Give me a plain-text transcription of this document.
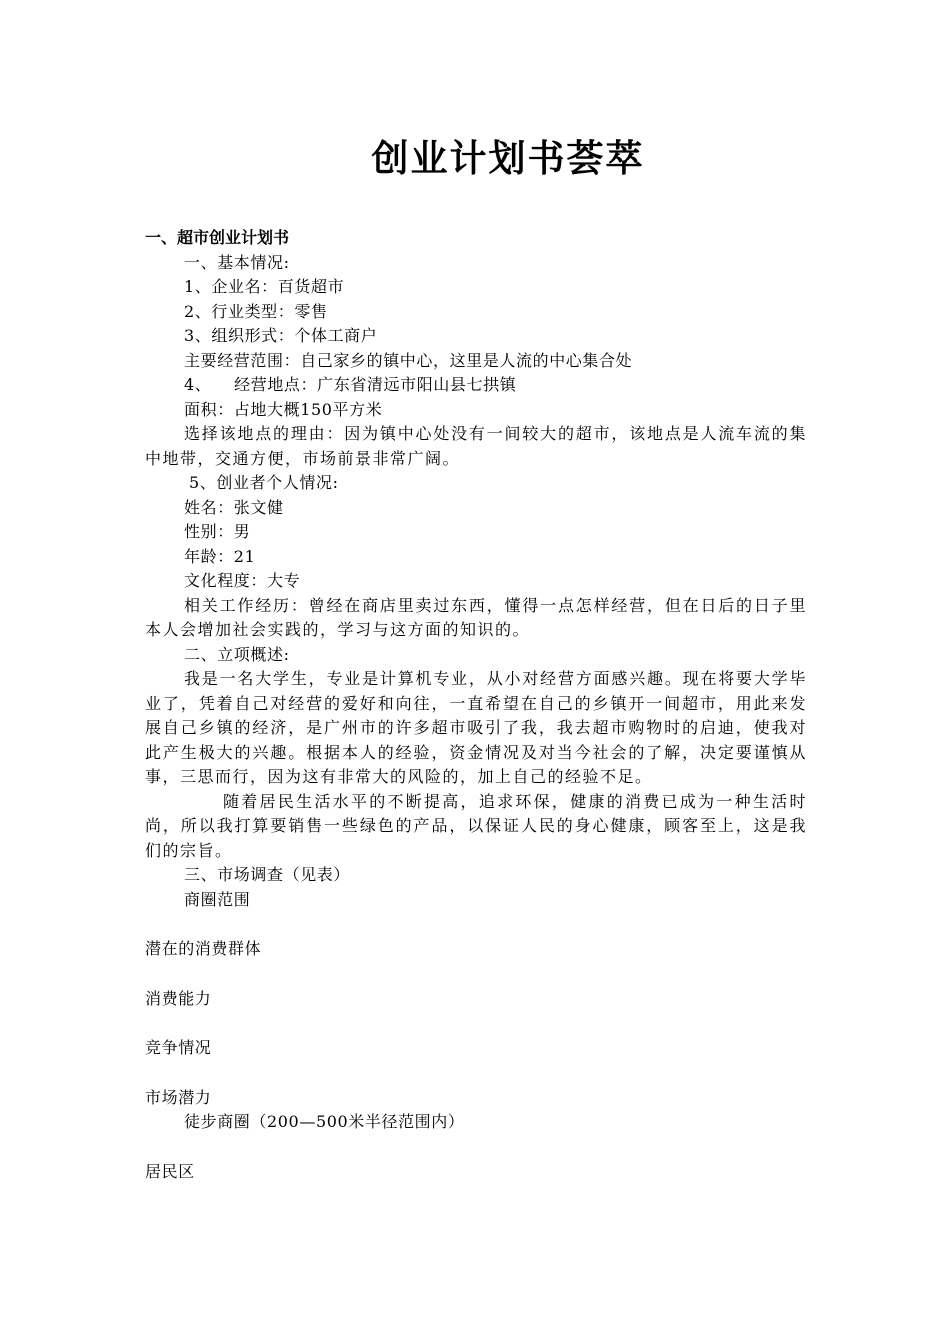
创业计划书荟萃

一、超市创业计划书

一、基本情况:

1、企业名：百货超市

2、行业类型：零售

3、组织形式：个体工商户

主要经营范围：自己家乡的镇中心，这里是人流的中心集合处

4、    经营地点：广东省清远市阳山县七拱镇

面积：占地大概150平方米

选择该地点的理由：因为镇中心处没有一间较大的超市，该地点是人流车流的集中地带，交通方便，市场前景非常广阔。

5、创业者个人情况:

姓名：张文健

性别：男

年龄：21

文化程度：大专

相关工作经历：曾经在商店里卖过东西，懂得一点怎样经营，但在日后的日子里本人会增加社会实践的，学习与这方面的知识的。

二、立项概述:

我是一名大学生，专业是计算机专业，从小对经营方面感兴趣。现在将要大学毕业了，凭着自己对经营的爱好和向往，一直希望在自己的乡镇开一间超市，用此来发展自己乡镇的经济，是广州市的许多超市吸引了我，我去超市购物时的启迪，使我对此产生极大的兴趣。根据本人的经验，资金情况及对当今社会的了解，决定要谨慎从事，三思而行，因为这有非常大的风险的，加上自己的经验不足。

随着居民生活水平的不断提高，追求环保，健康的消费已成为一种生活时尚，所以我打算要销售一些绿色的产品，以保证人民的身心健康，顾客至上，这是我们的宗旨。

三、市场调查（见表）

商圈范围

潜在的消费群体

消费能力

竞争情况

市场潜力

徒步商圈（200—500米半径范围内）

居民区
